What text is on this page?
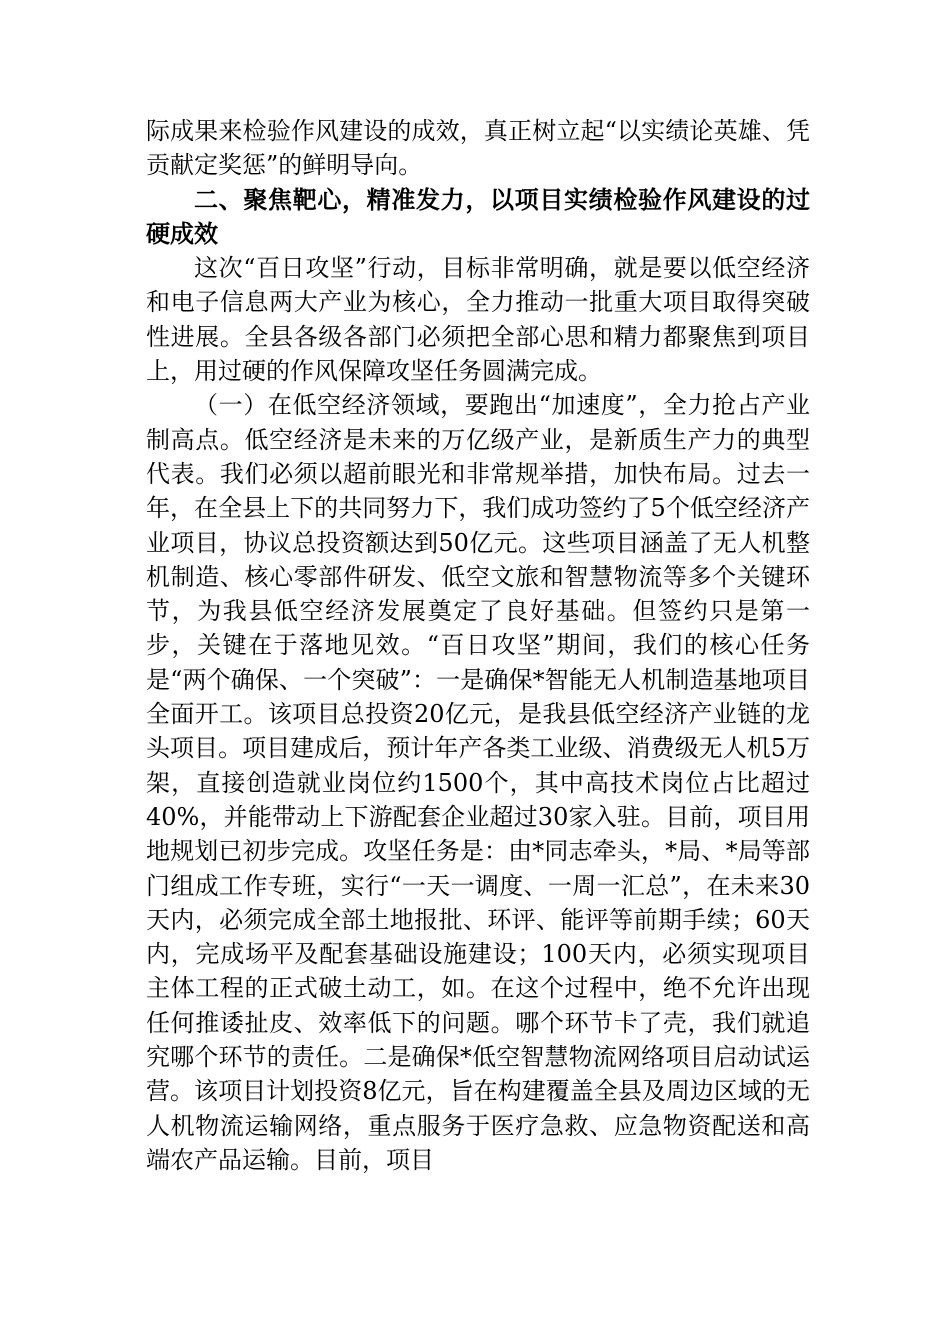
际成果来检验作风建设的成效，真正树立起“以实绩论英雄、凭贡献定奖惩”的鲜明导向。

二、聚焦靶心，精准发力，以项目实绩检验作风建设的过硬成效

这次“百日攻坚”行动，目标非常明确，就是要以低空经济和电子信息两大产业为核心，全力推动一批重大项目取得突破性进展。全县各级各部门必须把全部心思和精力都聚焦到项目上，用过硬的作风保障攻坚任务圆满完成。

（一）在低空经济领域，要跑出“加速度”，全力抢占产业制高点。低空经济是未来的万亿级产业，是新质生产力的典型代表。我们必须以超前眼光和非常规举措，加快布局。过去一年，在全县上下的共同努力下，我们成功签约了5个低空经济产业项目，协议总投资额达到50亿元。这些项目涵盖了无人机整机制造、核心零部件研发、低空文旅和智慧物流等多个关键环节，为我县低空经济发展奠定了良好基础。但签约只是第一步，关键在于落地见效。“百日攻坚”期间，我们的核心任务是“两个确保、一个突破”：一是确保*智能无人机制造基地项目全面开工。该项目总投资20亿元，是我县低空经济产业链的龙头项目。项目建成后，预计年产各类工业级、消费级无人机5万架，直接创造就业岗位约1500个，其中高技术岗位占比超过40%，并能带动上下游配套企业超过30家入驻。目前，项目用地规划已初步完成。攻坚任务是：由*同志牵头，*局、*局等部门组成工作专班，实行“一天一调度、一周一汇总”，在未来30天内，必须完成全部土地报批、环评、能评等前期手续；60天内，完成场平及配套基础设施建设；100天内，必须实现项目主体工程的正式破土动工，如。在这个过程中，绝不允许出现任何推诿扯皮、效率低下的问题。哪个环节卡了壳，我们就追究哪个环节的责任。二是确保*低空智慧物流网络项目启动试运营。该项目计划投资8亿元，旨在构建覆盖全县及周边区域的无人机物流运输网络，重点服务于医疗急救、应急物资配送和高端农产品运输。目前，项目
